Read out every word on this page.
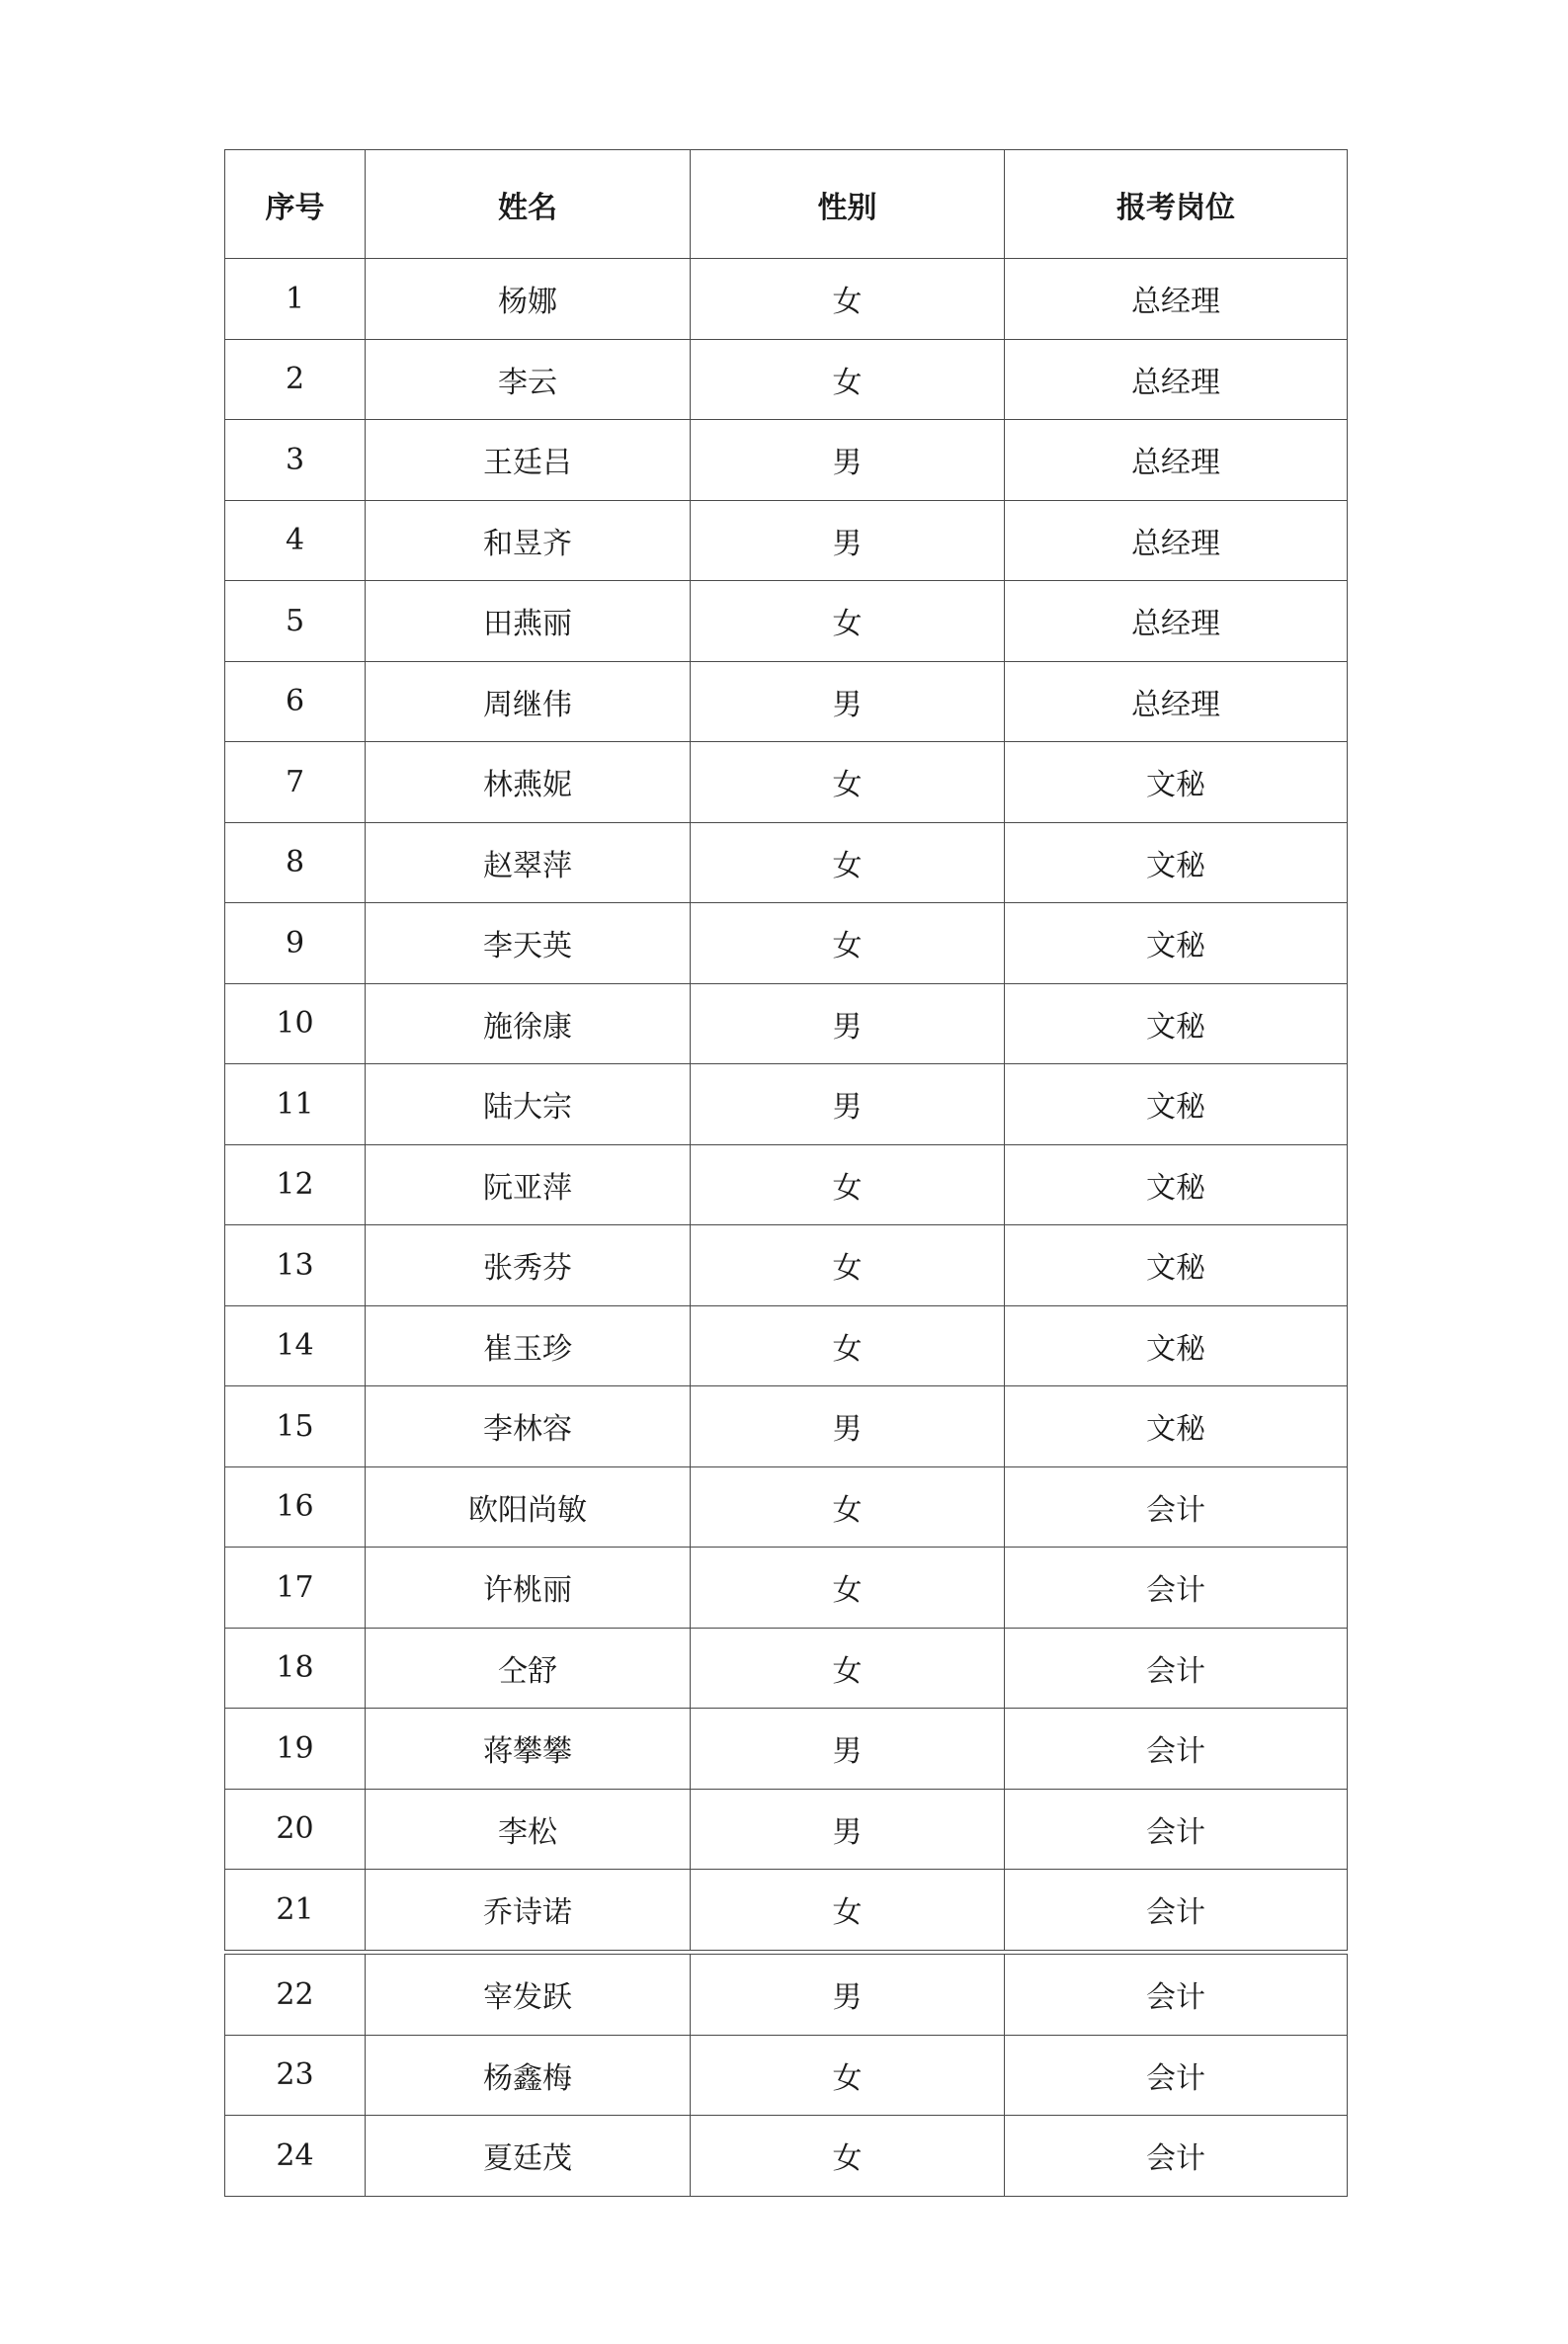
序号	姓名	性别	报考岗位
1	杨娜	女	总经理
2	李云	女	总经理
3	王廷吕	男	总经理
4	和昱齐	男	总经理
5	田燕丽	女	总经理
6	周继伟	男	总经理
7	林燕妮	女	文秘
8	赵翠萍	女	文秘
9	李天英	女	文秘
10	施徐康	男	文秘
11	陆大宗	男	文秘
12	阮亚萍	女	文秘
13	张秀芬	女	文秘
14	崔玉珍	女	文秘
15	李林容	男	文秘
16	欧阳尚敏	女	会计
17	许桃丽	女	会计
18	仝舒	女	会计
19	蒋攀攀	男	会计
20	李松	男	会计
21	乔诗诺	女	会计
22	宰发跃	男	会计
23	杨鑫梅	女	会计
24	夏廷茂	女	会计
